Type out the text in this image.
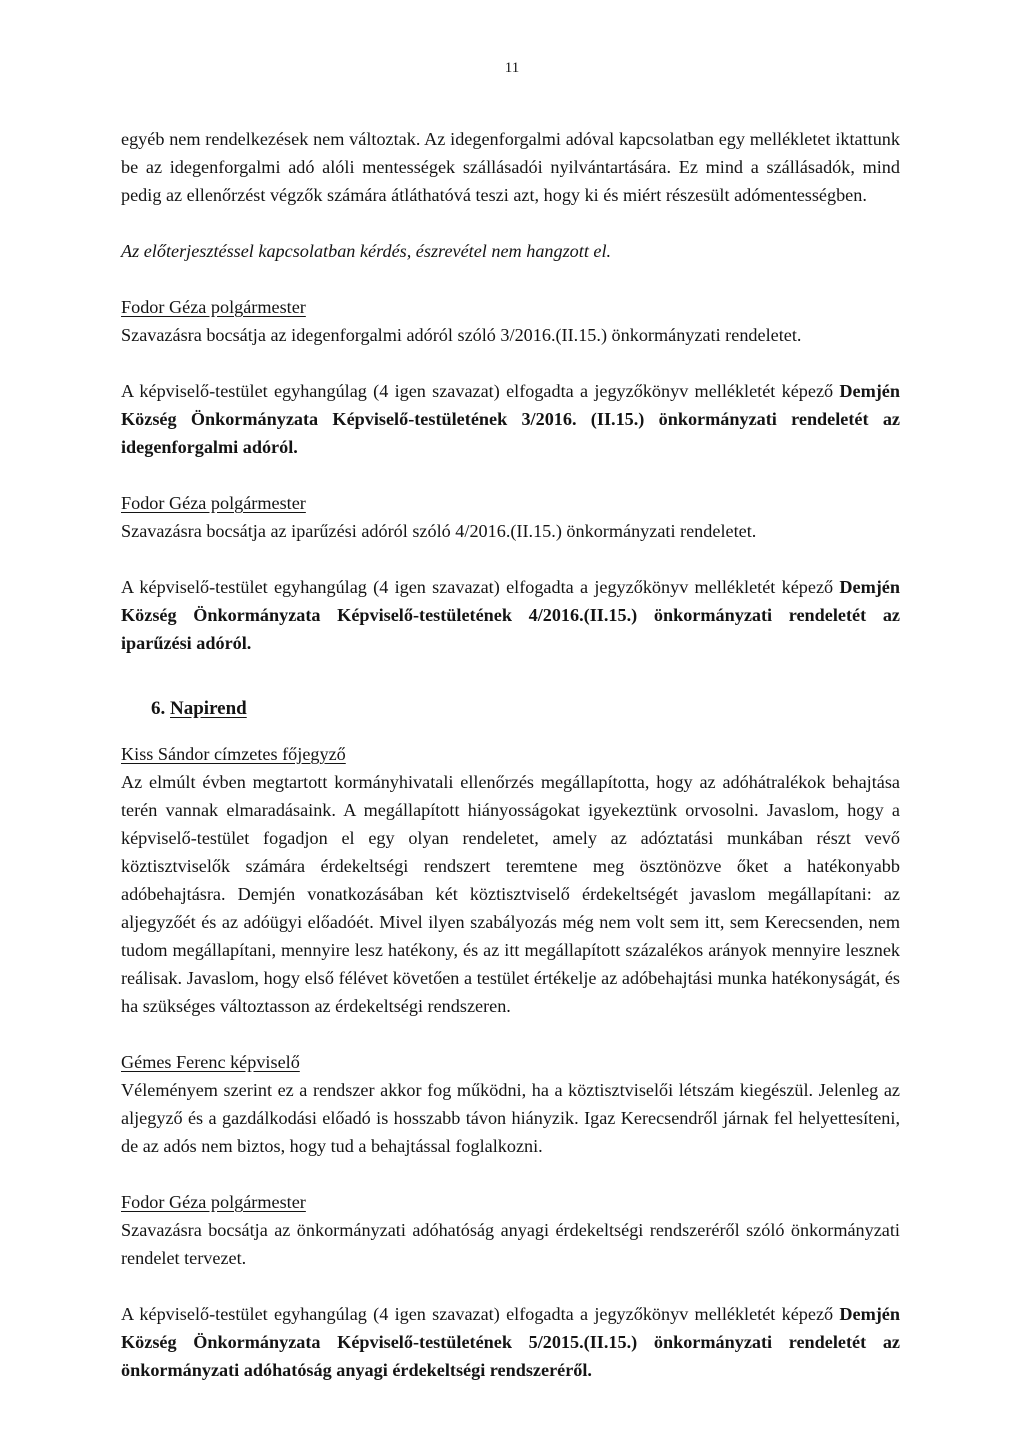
11

egyéb nem rendelkezések nem változtak. Az idegenforgalmi adóval kapcsolatban egy mellékletet iktattunk be az idegenforgalmi adó alóli mentességek szállásadói nyilvántartására. Ez mind a szállásadók, mind pedig az ellenőrzést végzők számára átláthatóvá teszi azt, hogy ki és miért részesült adómentességben.

Az előterjesztéssel kapcsolatban kérdés, észrevétel nem hangzott el.

Fodor Géza polgármester

Szavazásra bocsátja az idegenforgalmi adóról szóló 3/2016.(II.15.) önkormányzati rendeletet.

A képviselő-testület egyhangúlag (4 igen szavazat) elfogadta a jegyzőkönyv mellékletét képező Demjén Község Önkormányzata Képviselő-testületének 3/2016. (II.15.) önkormányzati rendeletét az idegenforgalmi adóról.

Fodor Géza polgármester

Szavazásra bocsátja az iparűzési adóról szóló 4/2016.(II.15.) önkormányzati rendeletet.

A képviselő-testület egyhangúlag (4 igen szavazat) elfogadta a jegyzőkönyv mellékletét képező Demjén Község Önkormányzata Képviselő-testületének 4/2016.(II.15.) önkormányzati rendeletét az iparűzési adóról.

6. Napirend

Kiss Sándor címzetes főjegyző

Az elmúlt évben megtartott kormányhivatali ellenőrzés megállapította, hogy az adóhátralékok behajtása terén vannak elmaradásaink. A megállapított hiányosságokat igyekeztünk orvosolni. Javaslom, hogy a képviselő-testület fogadjon el egy olyan rendeletet, amely az adóztatási munkában részt vevő köztisztviselők számára érdekeltségi rendszert teremtene meg ösztönözve őket a hatékonyabb adóbehajtásra. Demjén vonatkozásában két köztisztviselő érdekeltségét javaslom megállapítani: az aljegyzőét és az adóügyi előadóét. Mivel ilyen szabályozás még nem volt sem itt, sem Kerecsenden, nem tudom megállapítani, mennyire lesz hatékony, és az itt megállapított százalékos arányok mennyire lesznek reálisak. Javaslom, hogy első félévet követően a testület értékelje az adóbehajtási munka hatékonyságát, és ha szükséges változtasson az érdekeltségi rendszeren.

Gémes Ferenc képviselő

Véleményem szerint ez a rendszer akkor fog működni, ha a köztisztviselői létszám kiegészül. Jelenleg az aljegyző és a gazdálkodási előadó is hosszabb távon hiányzik. Igaz Kerecsendről járnak fel helyettesíteni, de az adós nem biztos, hogy tud a behajtással foglalkozni.

Fodor Géza polgármester

Szavazásra bocsátja az önkormányzati adóhatóság anyagi érdekeltségi rendszeréről szóló önkormányzati rendelet tervezet.

A képviselő-testület egyhangúlag (4 igen szavazat) elfogadta a jegyzőkönyv mellékletét képező Demjén Község Önkormányzata Képviselő-testületének 5/2015.(II.15.) önkormányzati rendeletét az önkormányzati adóhatóság anyagi érdekeltségi rendszeréről.
